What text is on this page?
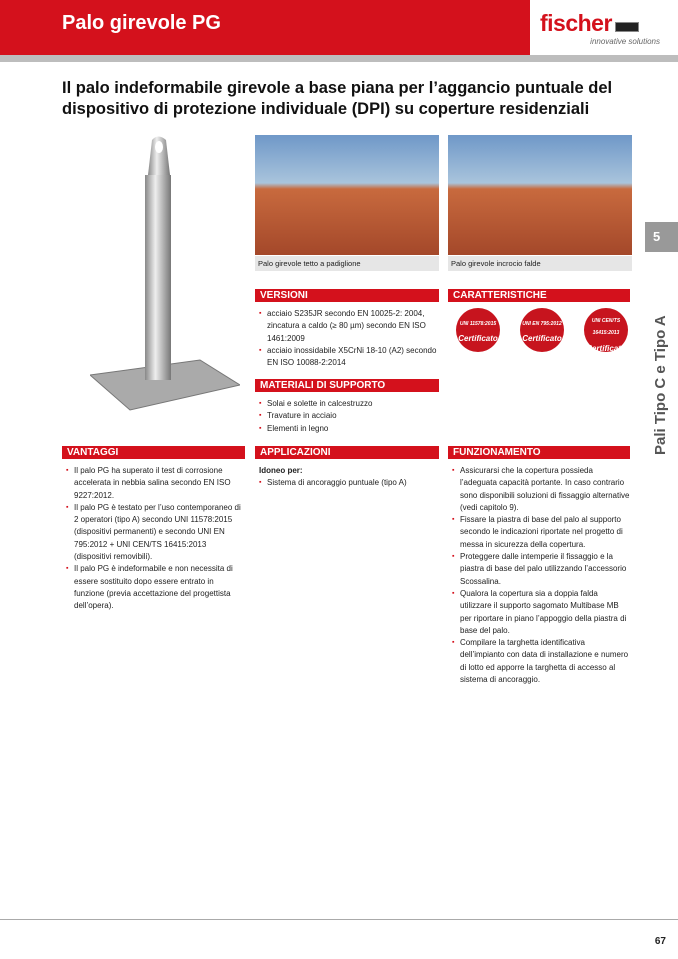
Palo girevole PG	fischer
innovative solutions
Il palo indeformabile girevole a base piana per l’aggancio puntuale del dispositivo di protezione individuale (DPI) su coperture residenziali
Palo girevole tetto a padiglione	Palo girevole incrocio falde
VERSIONI
▪ acciaio S235JR secondo EN 10025-2: 2004, zincatura a caldo (≥ 80 µm) secondo EN ISO 1461:2009
▪ acciaio inossidabile X5CrNi 18-10 (A2) secondo EN ISO 10088-2:2014
CARATTERISTICHE
UNI 11578:2015
Certificato
UNI EN 795:2012
Certificato
UNI CEN/TS 16415:2013
Certificato
MATERIALI DI SUPPORTO
▪ Solai e solette in calcestruzzo
▪ Travature in acciaio
▪ Elementi in legno
VANTAGGI
▪ Il palo PG ha superato il test di corrosione accelerata in nebbia salina secondo EN ISO 9227:2012.
▪ Il palo PG è testato per l’uso contemporaneo di 2 operatori (tipo A) secondo UNI 11578:2015 (dispositivi permanenti) e secondo UNI EN 795:2012 + UNI CEN/TS 16415:2013 (dispositivi removibili).
▪ Il palo PG è indeformabile e non necessita di essere sostituito dopo essere entrato in funzione (previa accettazione del progettista dell’opera).
APPLICAZIONI
Idoneo per:
▪ Sistema di ancoraggio puntuale (tipo A)
FUNZIONAMENTO
▪ Assicurarsi che la copertura possieda l’adeguata capacità portante. In caso contrario sono disponibili soluzioni di fissaggio alternative (vedi capitolo 9).
▪ Fissare la piastra di base del palo al supporto secondo le indicazioni riportate nel progetto di messa in sicurezza della copertura.
▪ Proteggere dalle intemperie il fissaggio e la piastra di base del palo utilizzando l’accessorio Scossalina.
▪ Qualora la copertura sia a doppia falda utilizzare il supporto sagomato Multibase MB per riportare in piano l’appoggio della piastra di base del palo.
▪ Compilare la targhetta identificativa dell’impianto con data di installazione e numero di lotto ed apporre la targhetta di accesso al sistema di ancoraggio.
5
Pali Tipo C e Tipo A
67
